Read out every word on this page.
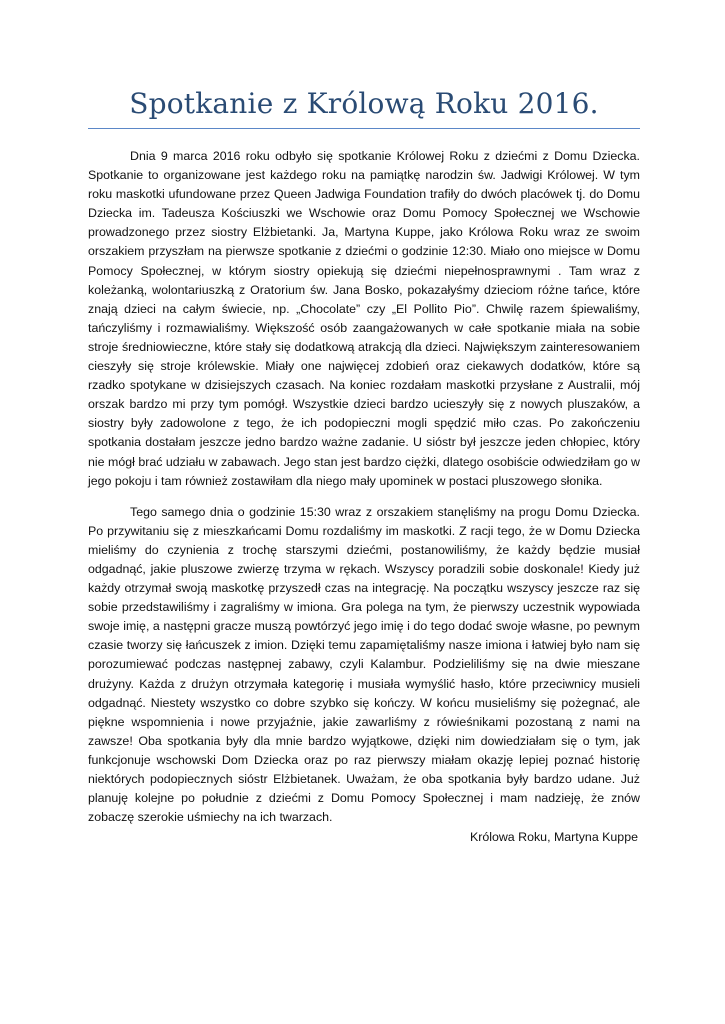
Spotkanie z Królową Roku 2016.

Dnia 9 marca 2016 roku odbyło się spotkanie Królowej Roku z dziećmi z Domu Dziecka. Spotkanie to organizowane jest każdego roku na pamiątkę narodzin św. Jadwigi Królowej. W tym roku maskotki ufundowane przez Queen Jadwiga Foundation trafiły do dwóch placówek tj. do Domu Dziecka im. Tadeusza Kościuszki we Wschowie oraz Domu Pomocy Społecznej we Wschowie prowadzonego przez siostry Elżbietanki. Ja, Martyna Kuppe, jako Królowa Roku wraz ze swoim orszakiem przyszłam na pierwsze spotkanie z dziećmi o godzinie 12:30. Miało ono miejsce w Domu Pomocy Społecznej, w którym siostry opiekują się dziećmi niepełnosprawnymi . Tam wraz z koleżanką, wolontariuszką z Oratorium św. Jana Bosko, pokazałyśmy dzieciom różne tańce, które znają dzieci na całym świecie, np. „Chocolate” czy „El Pollito Pio”. Chwilę razem śpiewaliśmy, tańczyliśmy i rozmawialiśmy. Większość osób zaangażowanych w całe spotkanie miała na sobie stroje średniowieczne, które stały się dodatkową atrakcją dla dzieci. Największym zainteresowaniem cieszyły się stroje królewskie. Miały one najwięcej zdobień oraz ciekawych dodatków, które są rzadko spotykane w dzisiejszych czasach. Na koniec rozdałam maskotki przysłane z Australii, mój orszak bardzo mi przy tym pomógł. Wszystkie dzieci bardzo ucieszyły się z nowych pluszaków, a siostry były zadowolone z tego, że ich podopieczni mogli spędzić miło czas. Po zakończeniu spotkania dostałam jeszcze jedno bardzo ważne zadanie. U sióstr był jeszcze jeden chłopiec, który nie mógł brać udziału w zabawach. Jego stan jest bardzo ciężki, dlatego osobiście odwiedziłam go w jego pokoju i tam również zostawiłam dla niego mały upominek w postaci pluszowego słonika.

Tego samego dnia o godzinie 15:30 wraz z orszakiem stanęliśmy na progu Domu Dziecka. Po przywitaniu się z mieszkańcami Domu rozdaliśmy im maskotki. Z racji tego, że w Domu Dziecka mieliśmy do czynienia z trochę starszymi dziećmi, postanowiliśmy, że każdy będzie musiał odgadnąć, jakie pluszowe zwierzę trzyma w rękach. Wszyscy poradzili sobie doskonale! Kiedy już każdy otrzymał swoją maskotkę przyszedł czas na integrację. Na początku wszyscy jeszcze raz się sobie przedstawiliśmy i zagraliśmy w imiona. Gra polega na tym, że pierwszy uczestnik wypowiada swoje imię, a następni gracze muszą powtórzyć jego imię i do tego dodać swoje własne, po pewnym czasie tworzy się łańcuszek z imion. Dzięki temu zapamiętaliśmy nasze imiona i łatwiej było nam się porozumiewać podczas następnej zabawy, czyli Kalambur. Podzieliliśmy się na dwie mieszane drużyny. Każda z drużyn otrzymała kategorię i musiała wymyślić hasło, które przeciwnicy musieli odgadnąć. Niestety wszystko co dobre szybko się kończy. W końcu musieliśmy się pożegnać, ale piękne wspomnienia i nowe przyjaźnie, jakie zawarliśmy z rówieśnikami pozostaną z nami na zawsze! Oba spotkania były dla mnie bardzo wyjątkowe, dzięki nim dowiedziałam się o tym, jak funkcjonuje wschowski Dom Dziecka oraz po raz pierwszy miałam okazję lepiej poznać historię niektórych podopiecznych sióstr Elżbietanek. Uważam, że oba spotkania były bardzo udane. Już planuję kolejne po południe z dziećmi z Domu Pomocy Społecznej i mam nadzieję, że znów zobaczę szerokie uśmiechy na ich twarzach.

Królowa Roku, Martyna Kuppe
